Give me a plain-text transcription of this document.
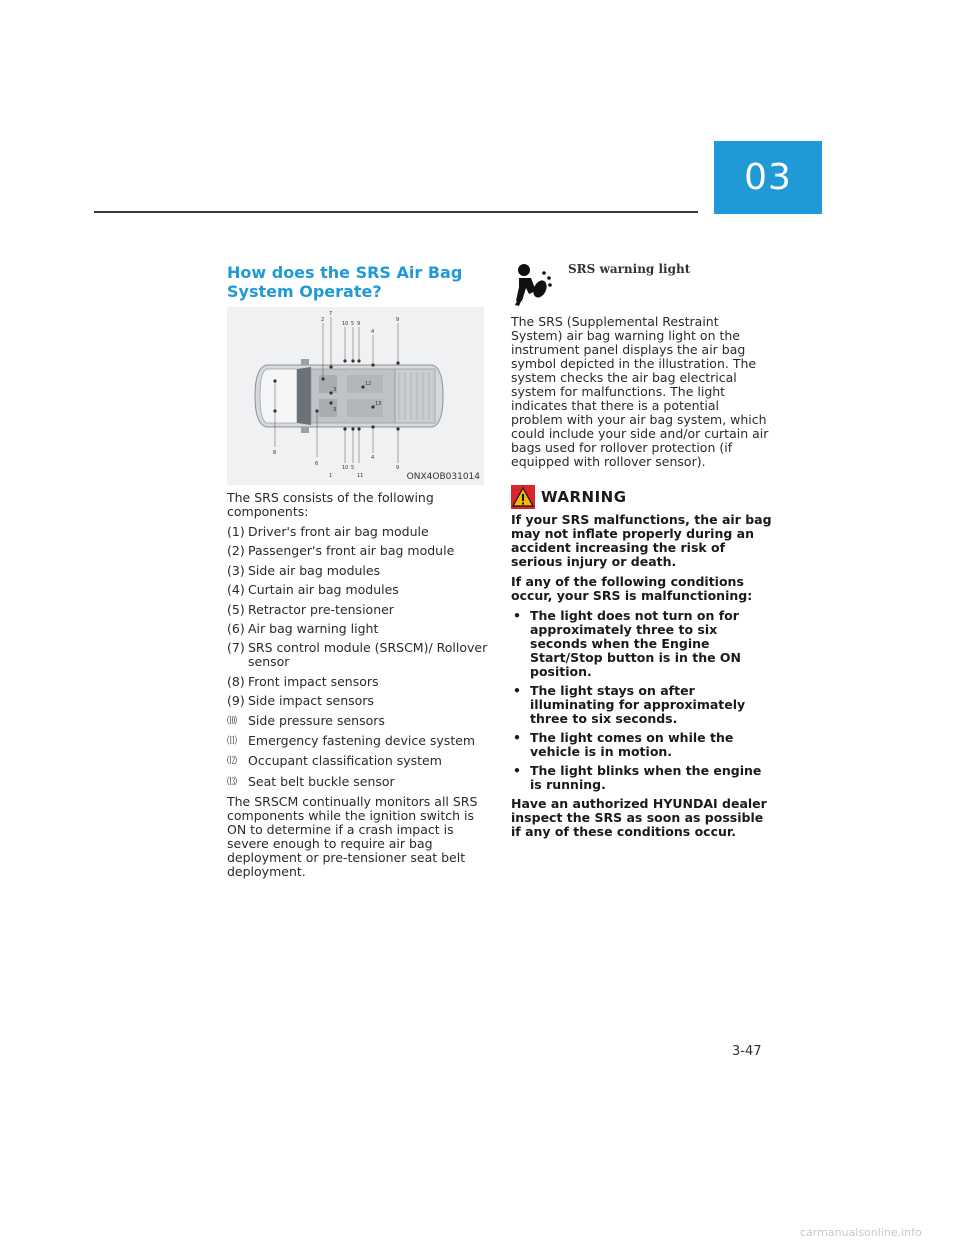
03
How does the SRS Air Bag System Operate?
2
7
10 5 9
4
9
8
6
1
10 5
11
4
9
3
12
13
3
ONX4OB031014

The SRS consists of the following components:

(1) Driver's front air bag module
(2) Passenger's front air bag module
(3) Side air bag modules
(4) Curtain air bag modules
(5) Retractor pre-tensioner
(6) Air bag warning light
(7) SRS control module (SRSCM)/ Rollover sensor
(8) Front impact sensors
(9) Side impact sensors
⑽ Side pressure sensors
⑾ Emergency fastening device system
⑿ Occupant classification system
⒀ Seat belt buckle sensor

The SRSCM continually monitors all SRS components while the ignition switch is ON to determine if a crash impact is severe enough to require air bag deployment or pre-tensioner seat belt deployment.

SRS warning light

The SRS (Supplemental Restraint System) air bag warning light on the instrument panel displays the air bag symbol depicted in the illustration. The system checks the air bag electrical system for malfunctions. The light indicates that there is a potential problem with your air bag system, which could include your side and/or curtain air bags used for rollover protection (if equipped with rollover sensor).

WARNING

If your SRS malfunctions, the air bag may not inflate properly during an accident increasing the risk of serious injury or death.

If any of the following conditions occur, your SRS is malfunctioning:

• The light does not turn on for approximately three to six seconds when the Engine Start/Stop button is in the ON position.
• The light stays on after illuminating for approximately three to six seconds.
• The light comes on while the vehicle is in motion.
• The light blinks when the engine is running.

Have an authorized HYUNDAI dealer inspect the SRS as soon as possible if any of these conditions occur.

3-47
carmanualsonline.info
